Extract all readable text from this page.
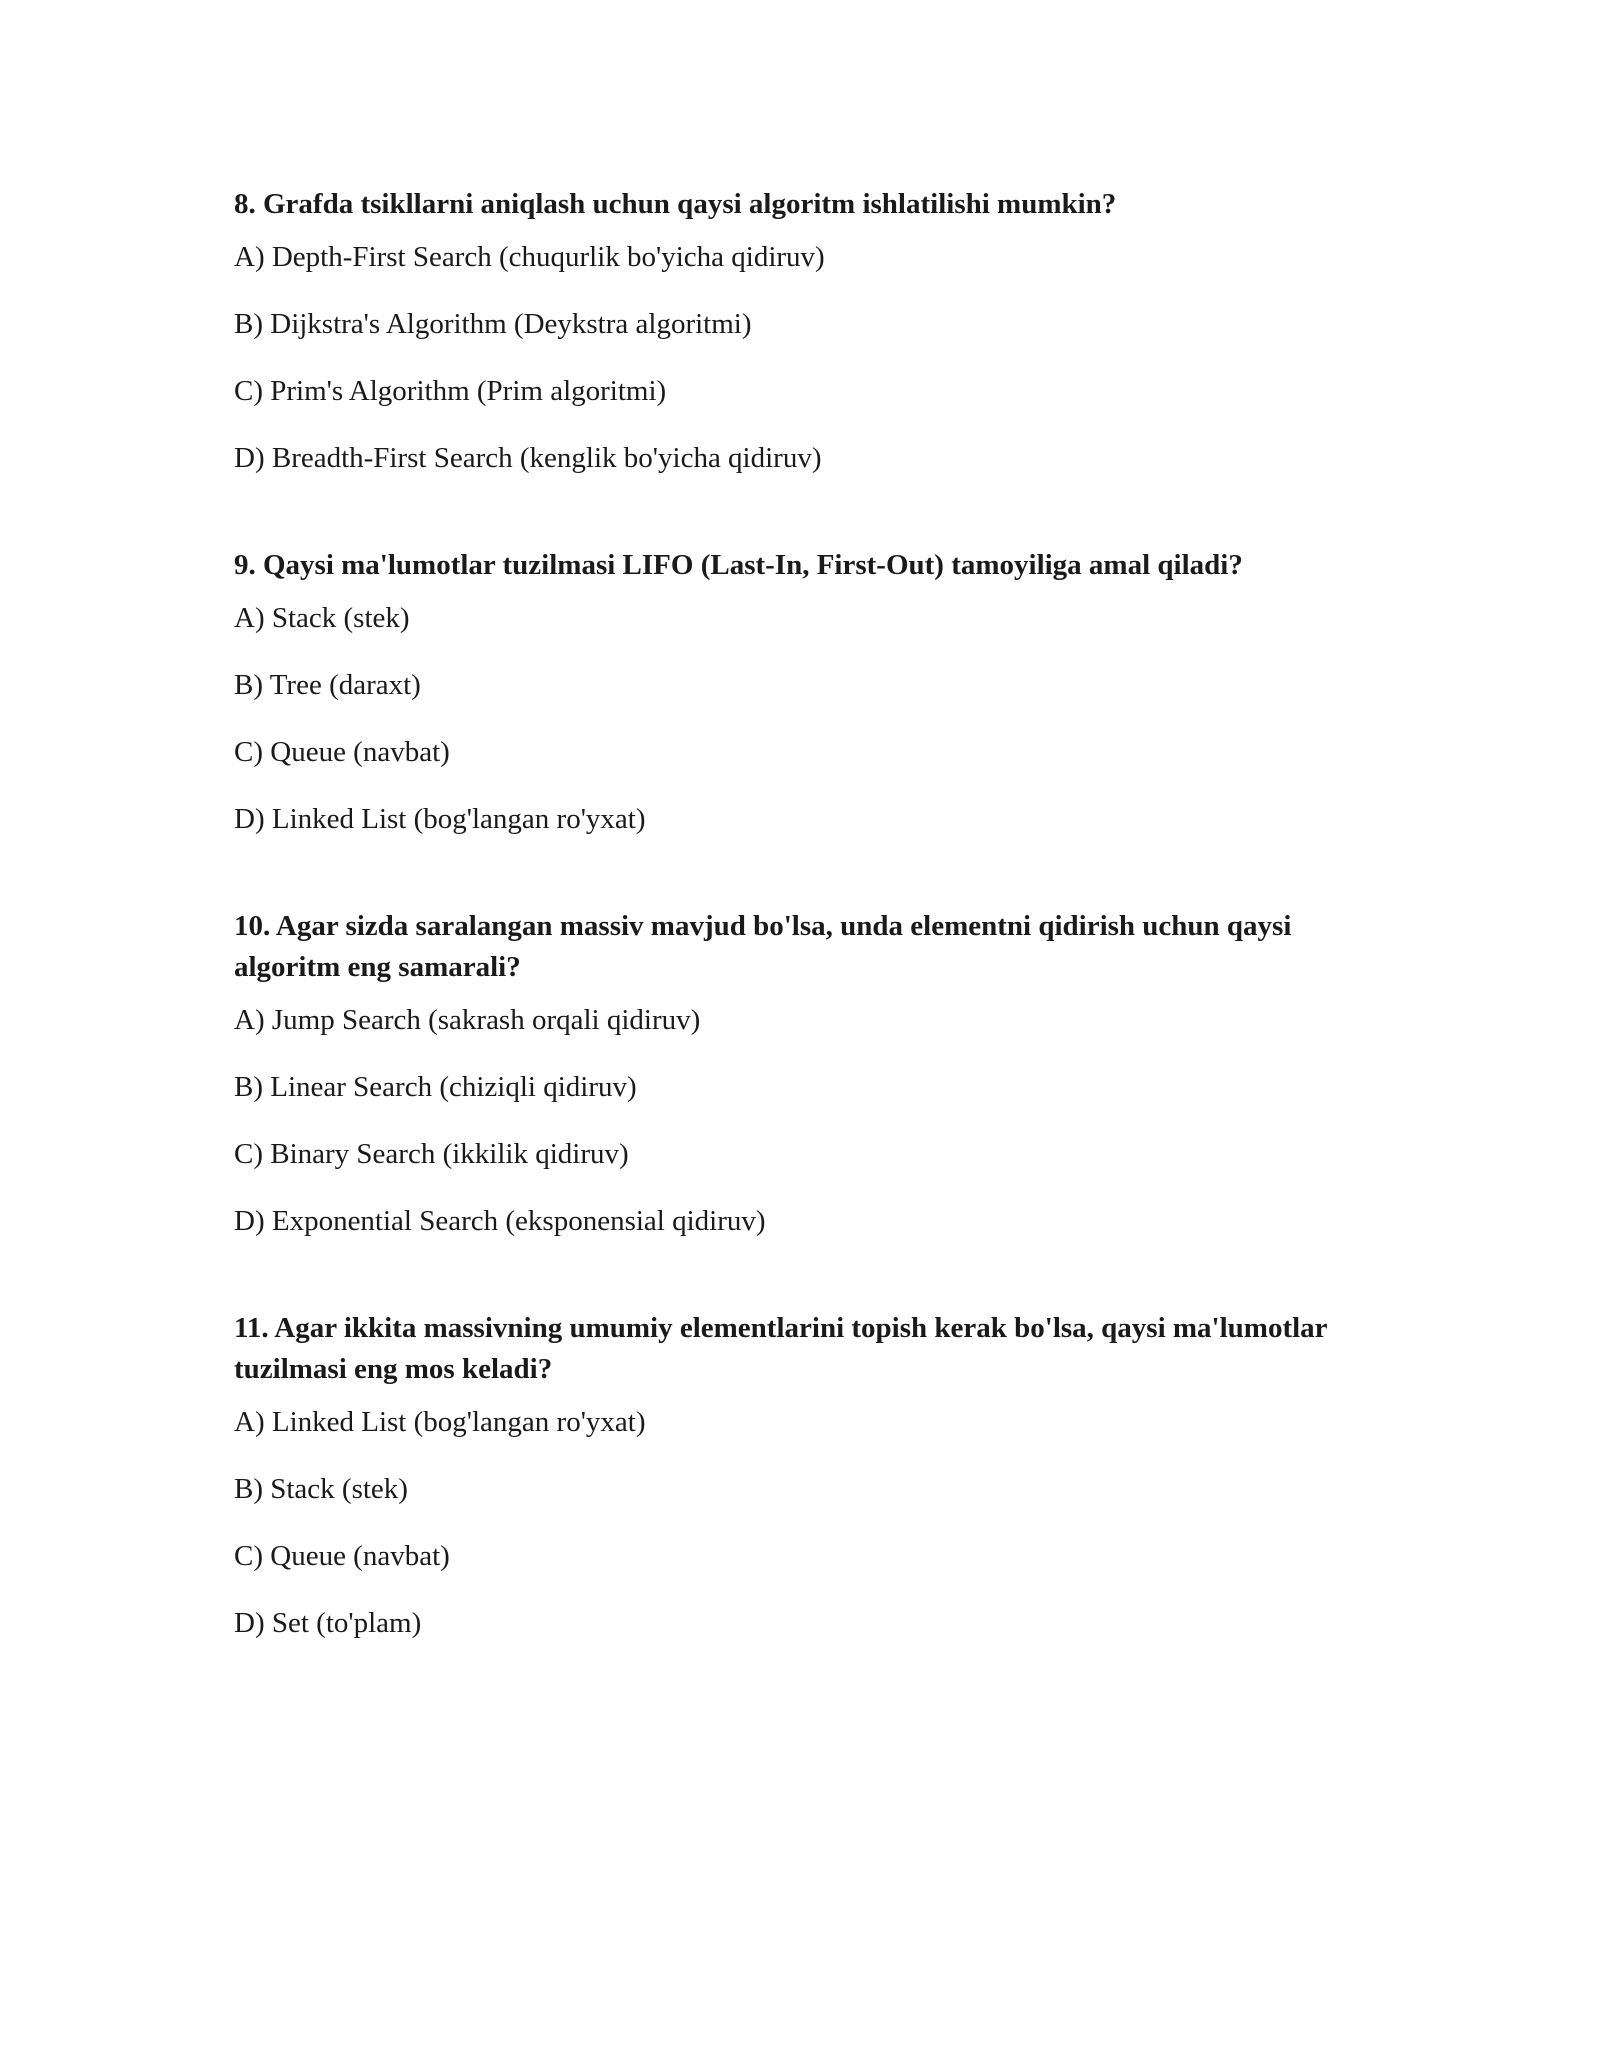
8. Grafda tsikllarni aniqlash uchun qaysi algoritm ishlatilishi mumkin?

A) Depth-First Search (chuqurlik bo'yicha qidiruv)
B) Dijkstra's Algorithm (Deykstra algoritmi)
C) Prim's Algorithm (Prim algoritmi)
D) Breadth-First Search (kenglik bo'yicha qidiruv)

9. Qaysi ma'lumotlar tuzilmasi LIFO (Last-In, First-Out) tamoyiliga amal qiladi?

A) Stack (stek)
B) Tree (daraxt)
C) Queue (navbat)
D) Linked List (bog'langan ro'yxat)

10. Agar sizda saralangan massiv mavjud bo'lsa, unda elementni qidirish uchun qaysi algoritm eng samarali?

A) Jump Search (sakrash orqali qidiruv)
B) Linear Search (chiziqli qidiruv)
C) Binary Search (ikkilik qidiruv)
D) Exponential Search (eksponensial qidiruv)

11. Agar ikkita massivning umumiy elementlarini topish kerak bo'lsa, qaysi ma'lumotlar tuzilmasi eng mos keladi?

A) Linked List (bog'langan ro'yxat)
B) Stack (stek)
C) Queue (navbat)
D) Set (to'plam)
